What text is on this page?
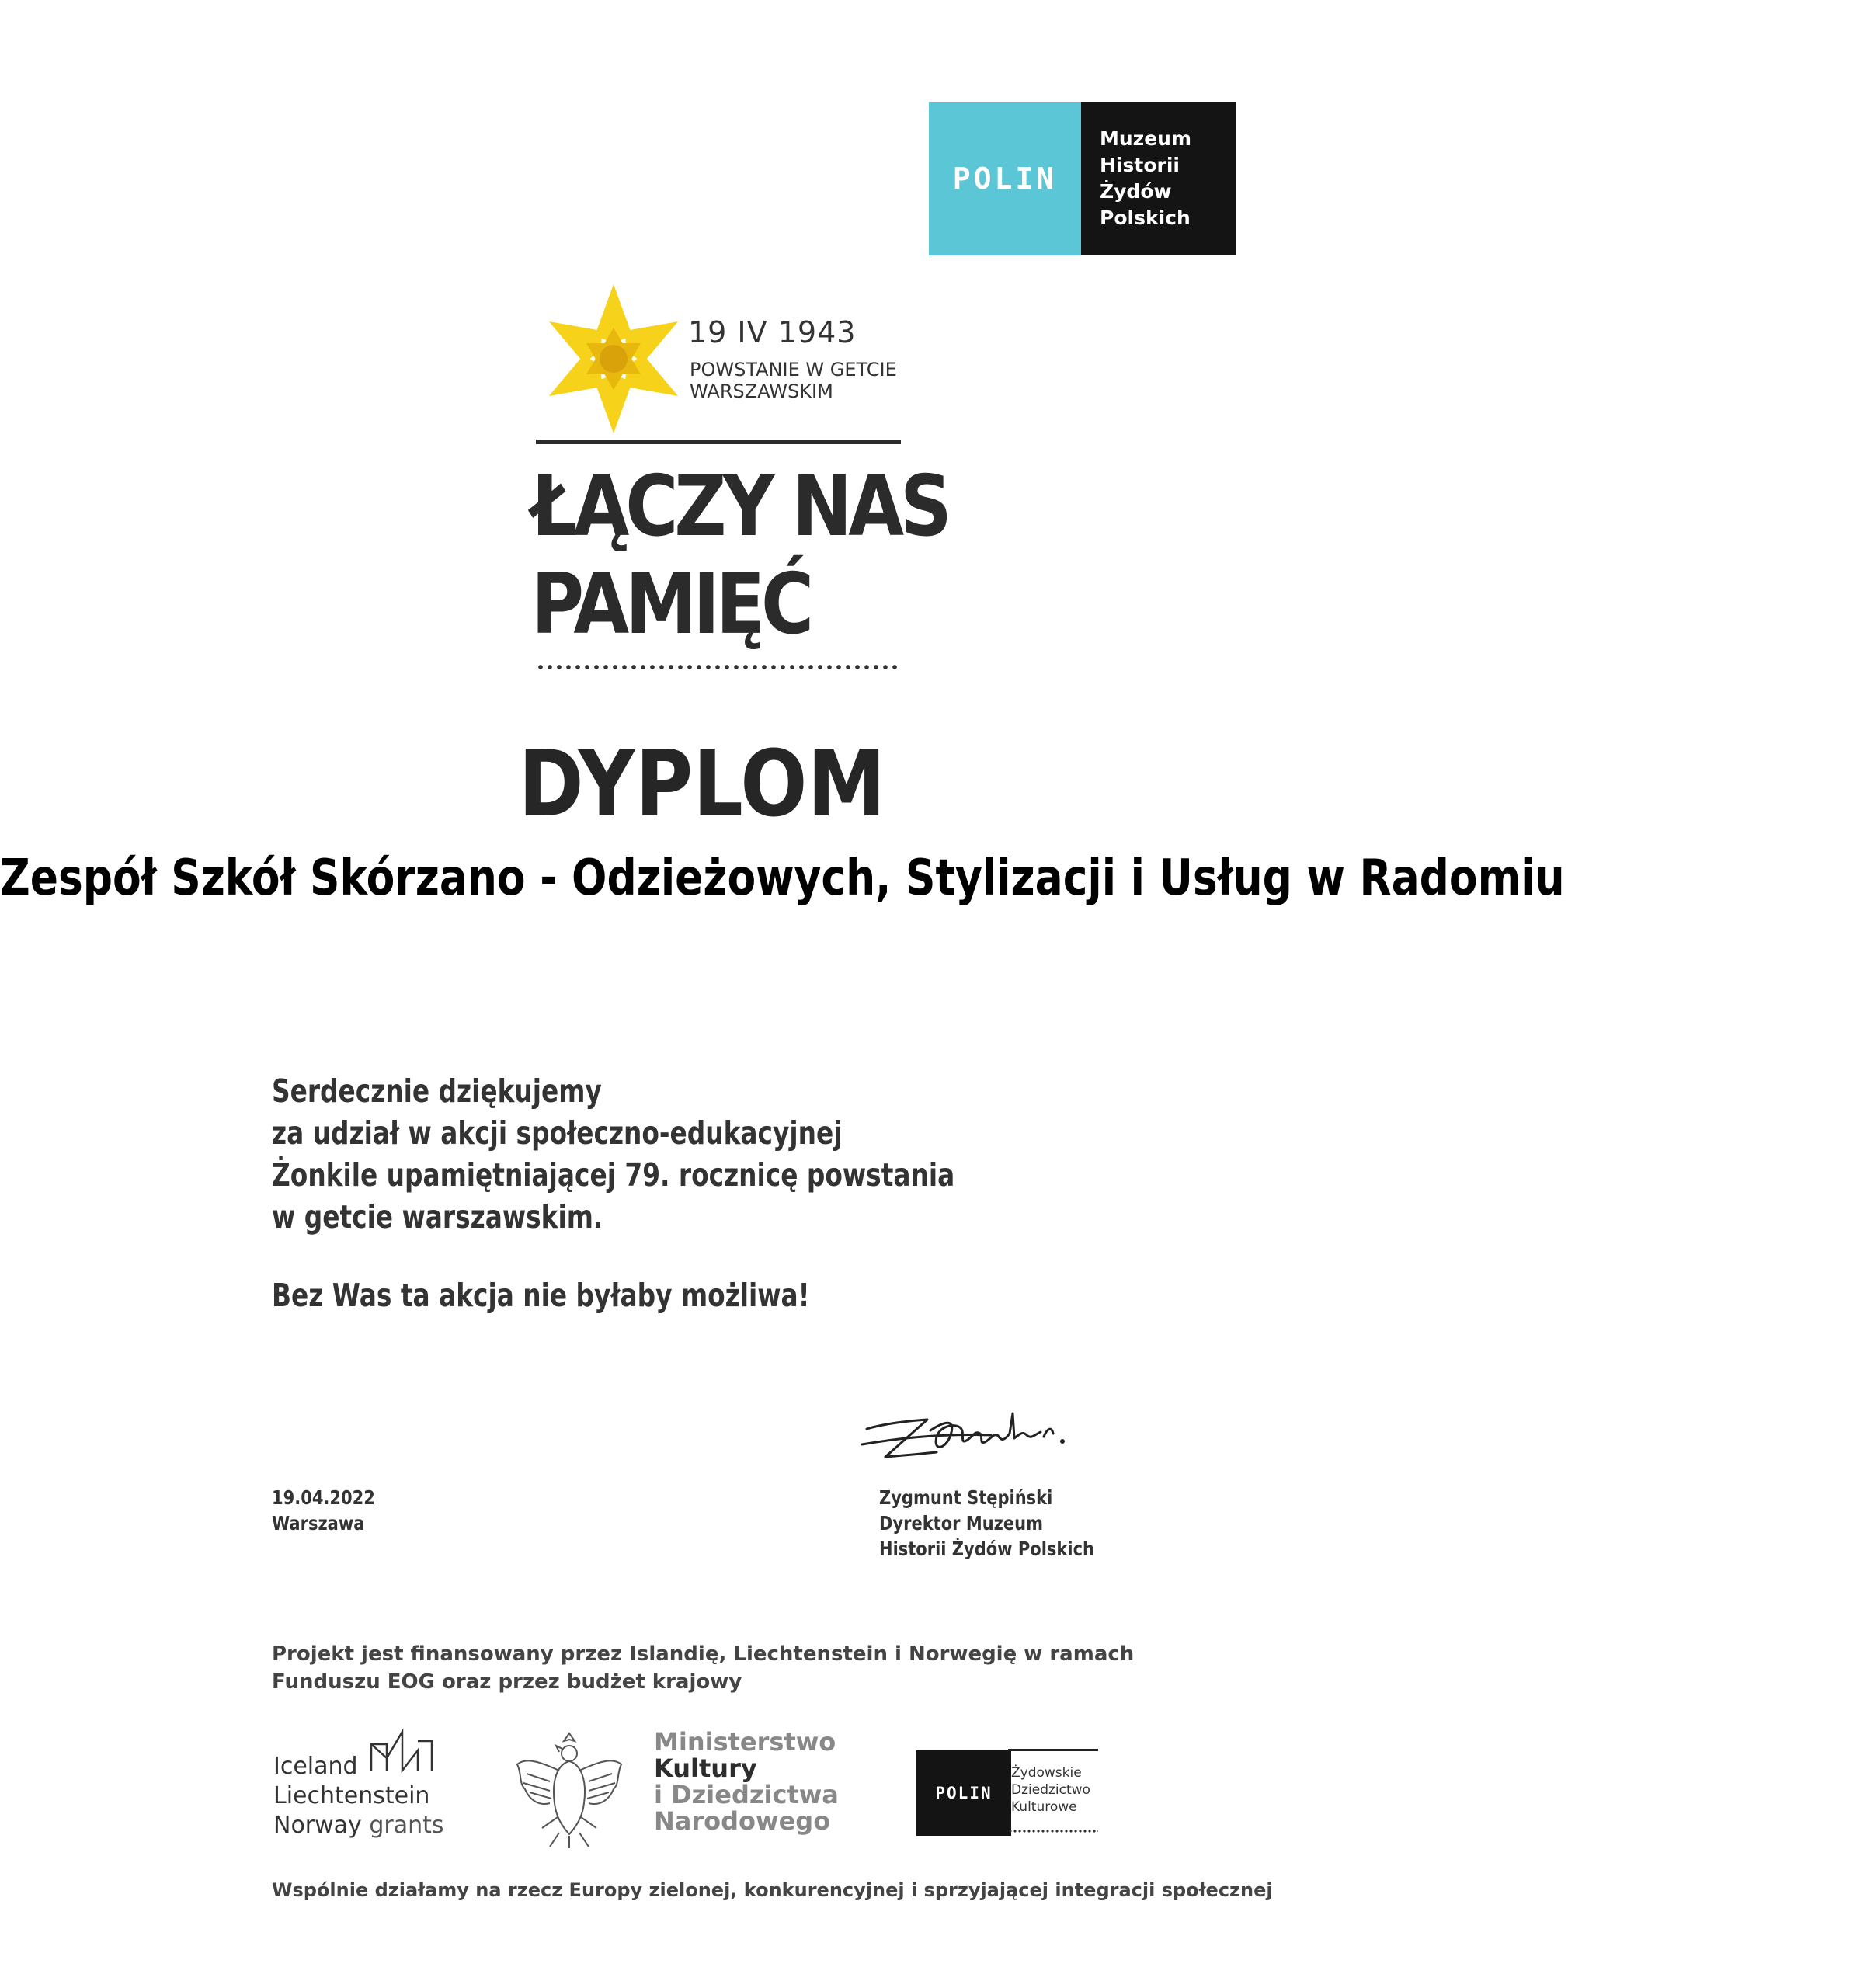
POLIN
Muzeum
Historii
Żydów
Polskich
19 IV 1943
POWSTANIE W GETCIE
WARSZAWSKIM
ŁĄCZY NAS
PAMIĘĆ
DYPLOM
Zespół Szkół Skórzano - Odzieżowych, Stylizacji i Usług w Radomiu
Serdecznie dziękujemy
za udział w akcji społeczno-edukacyjnej
Żonkile upamiętniającej 79. rocznicę powstania
w getcie warszawskim.
Bez Was ta akcja nie byłaby możliwa!
19.04.2022
Warszawa
Zygmunt Stępiński
Dyrektor Muzeum
Historii Żydów Polskich
Projekt jest finansowany przez Islandię, Liechtenstein i Norwegię w ramach
Funduszu EOG oraz przez budżet krajowy
Iceland
Liechtenstein
Norway grants
Ministerstwo
Kultury
i Dziedzictwa
Narodowego
POLIN
Żydowskie
Dziedzictwo
Kulturowe
Wspólnie działamy na rzecz Europy zielonej, konkurencyjnej i sprzyjającej integracji społecznej
